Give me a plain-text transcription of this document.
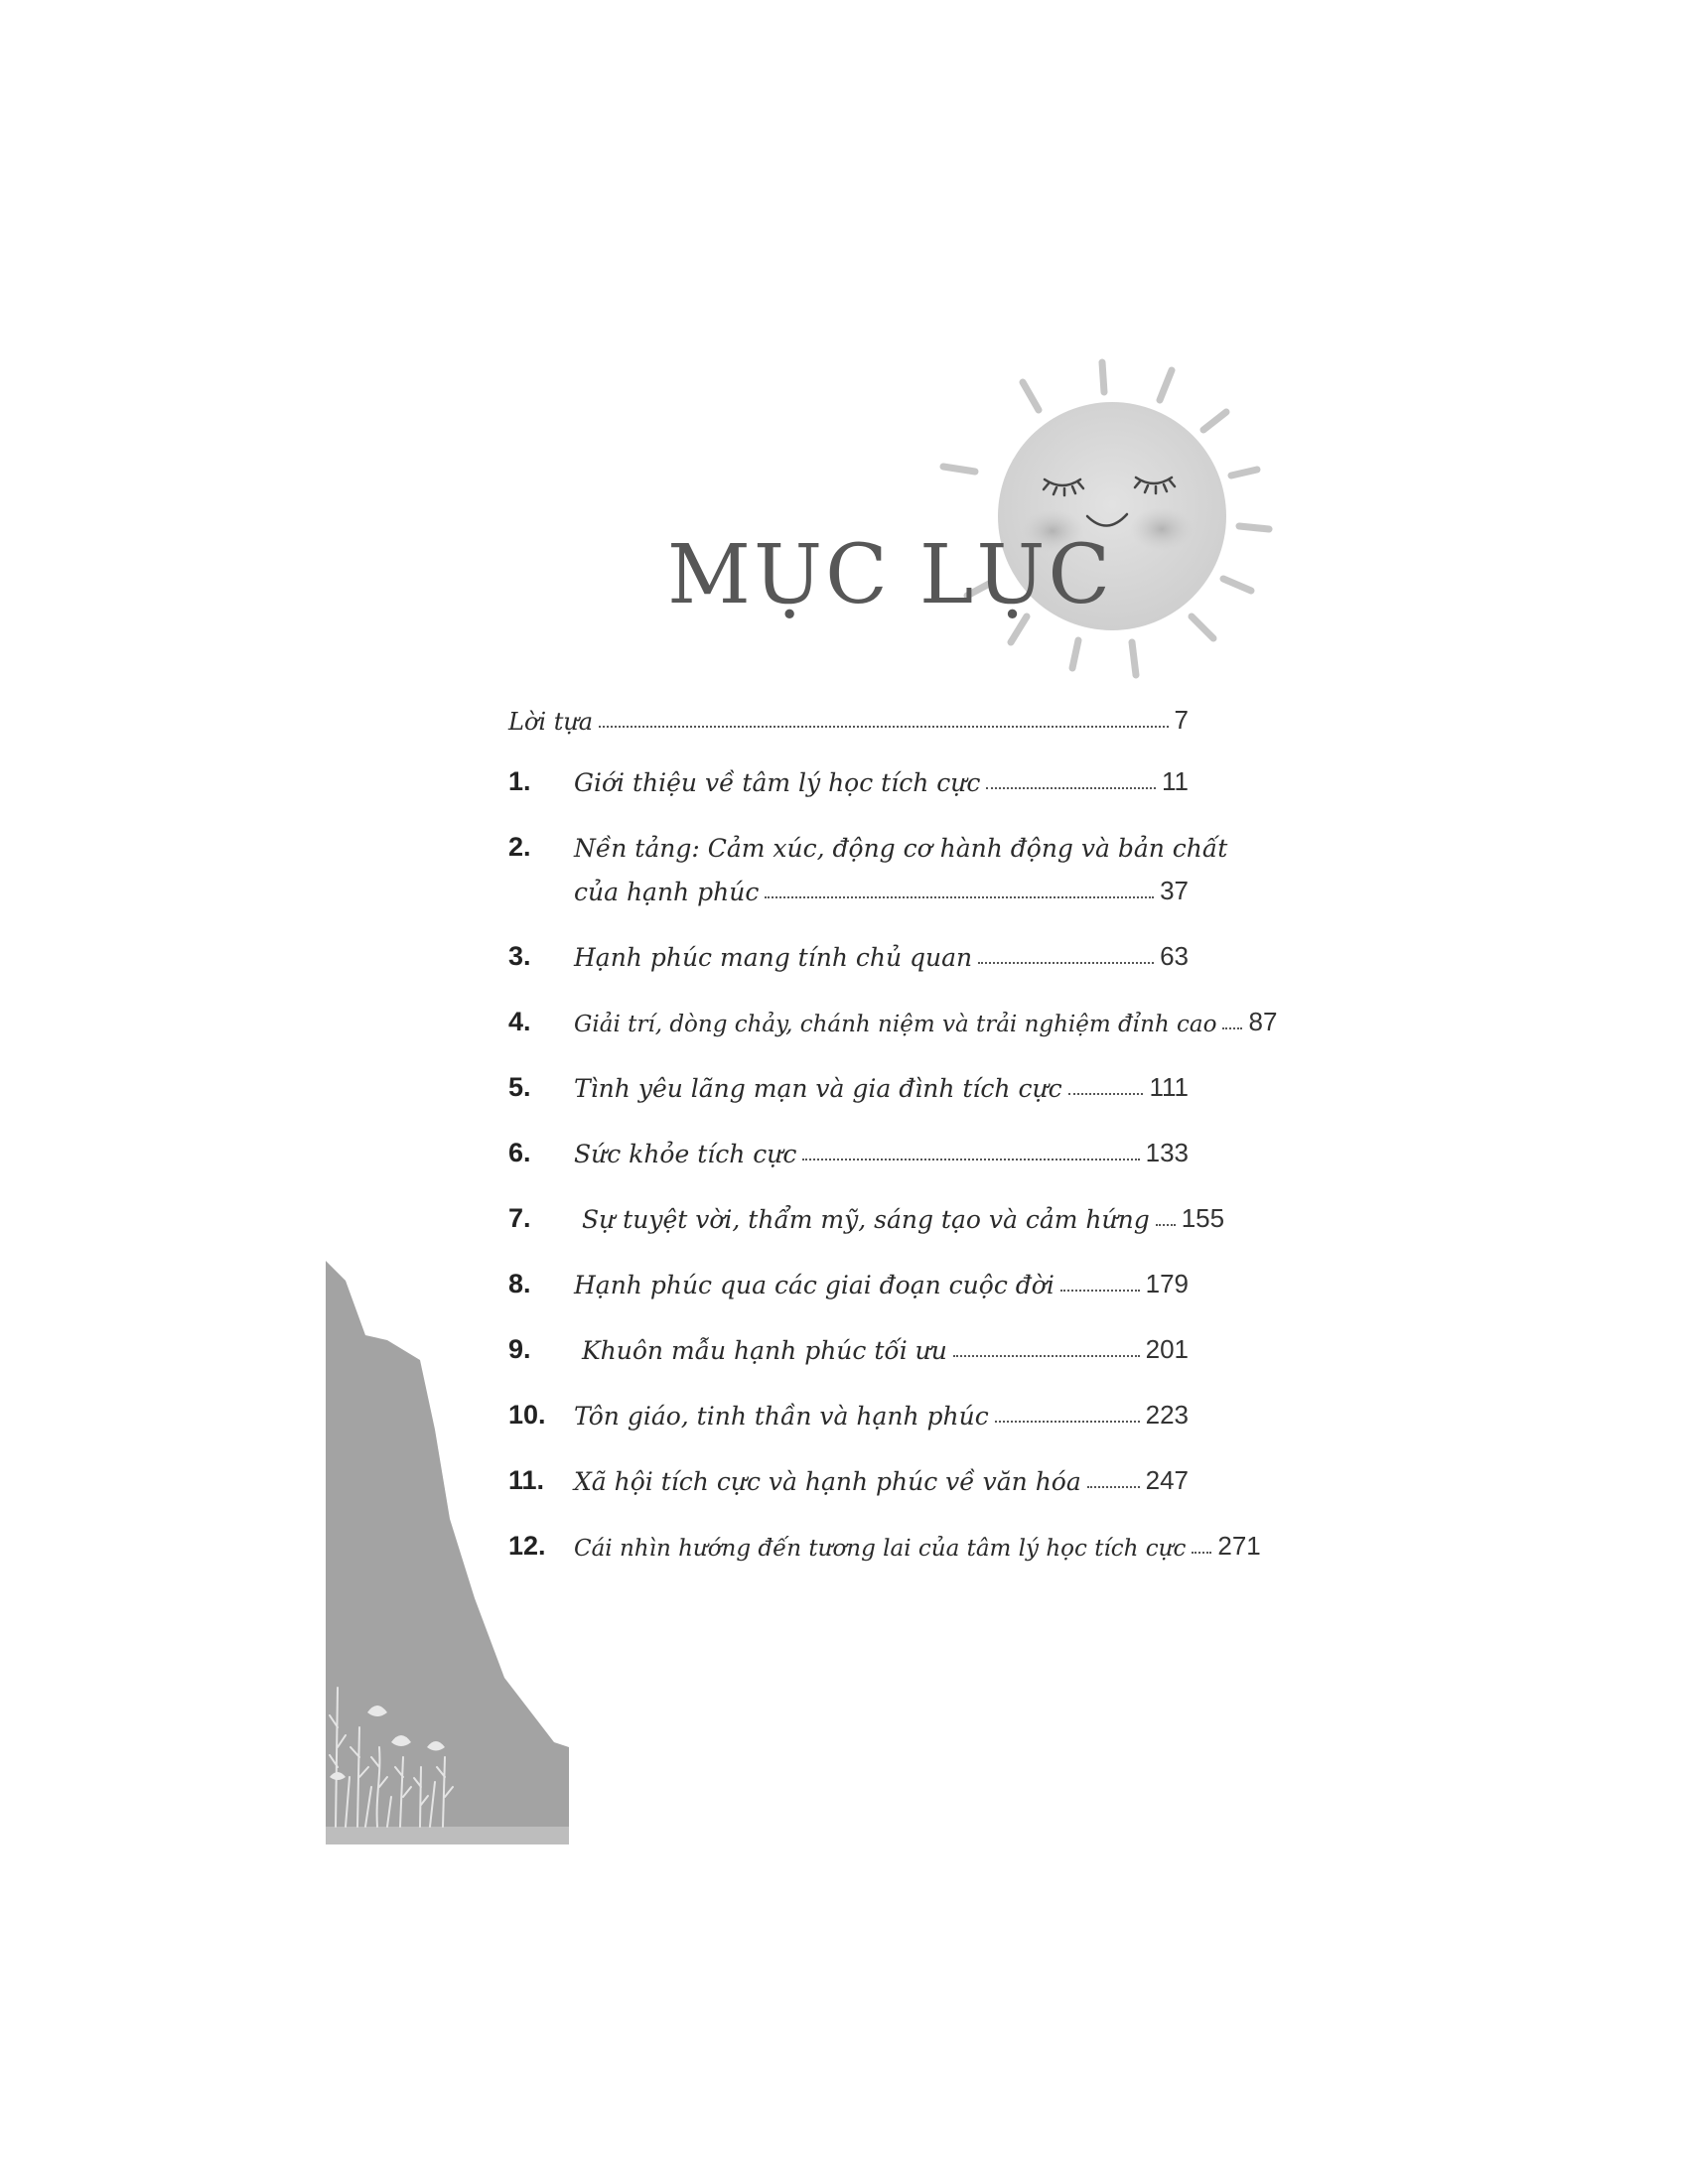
MỤC LỤC
Lời tựa	7
1.	Giới thiệu về tâm lý học tích cực	11
2.	Nền tảng: Cảm xúc, động cơ hành động và bản chất
của hạnh phúc	37
3.	Hạnh phúc mang tính chủ quan	63
4.	Giải trí, dòng chảy, chánh niệm và trải nghiệm đỉnh cao 87
5.	Tình yêu lãng mạn và gia đình tích cực	111
6.	Sức khỏe tích cực	133
7.	Sự tuyệt vời, thẩm mỹ, sáng tạo và cảm hứng 155
8.	Hạnh phúc qua các giai đoạn cuộc đời	179
9.	Khuôn mẫu hạnh phúc tối ưu	201
10.	Tôn giáo, tinh thần và hạnh phúc	223
11.	Xã hội tích cực và hạnh phúc về văn hóa 247
12.	Cái nhìn hướng đến tương lai của tâm lý học tích cực 271
